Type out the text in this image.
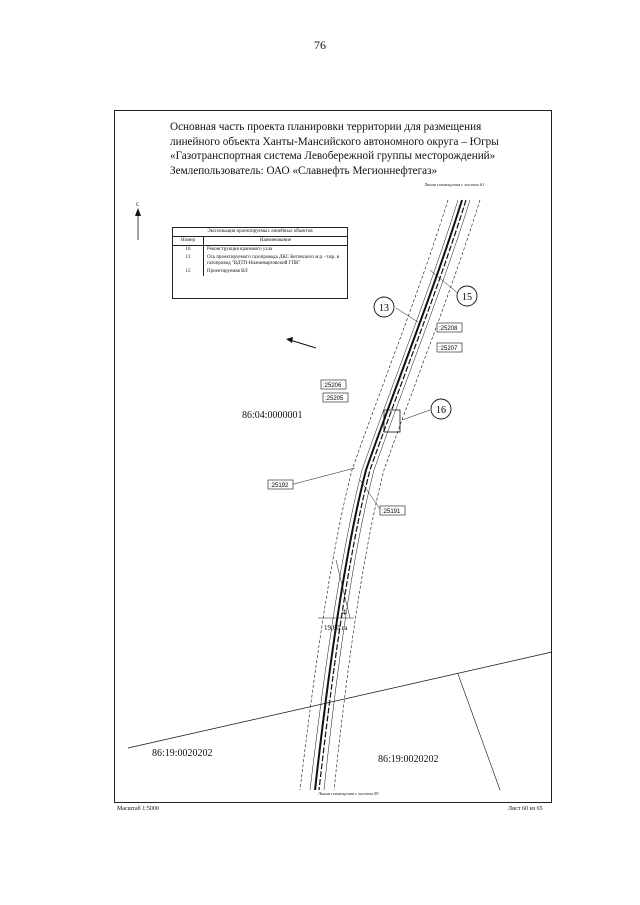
76
Основная часть проекта планировки территории для размещения
линейного объекта Ханты-Мансийского автономного округа – Югры
«Газотранспортная система Левобережной группы месторождений»
Землепользователь: ОАО «Славнефть Мегионнефтегаз»
С
13
15
16
:25208
:25207
:25206
:25205
:25192
:25191
4
19,60 га
Линия совмещения с листом 61
Экспликация проектируемых линейных объектов
Номер	Наименование
16	Реконструкция кранового узла
13	Ось проектируемого газопровода ДКС Кетовского м.р. -т.вр. в газопровод "ВДТП-Нижневартовский ГПК"
15	Проектируемая ВЛ
86:04:0000001
86:19:0020202
86:19:0020202
Линия совмещения с листом 59
Масштаб 1:5000	Лист 60 из 65
